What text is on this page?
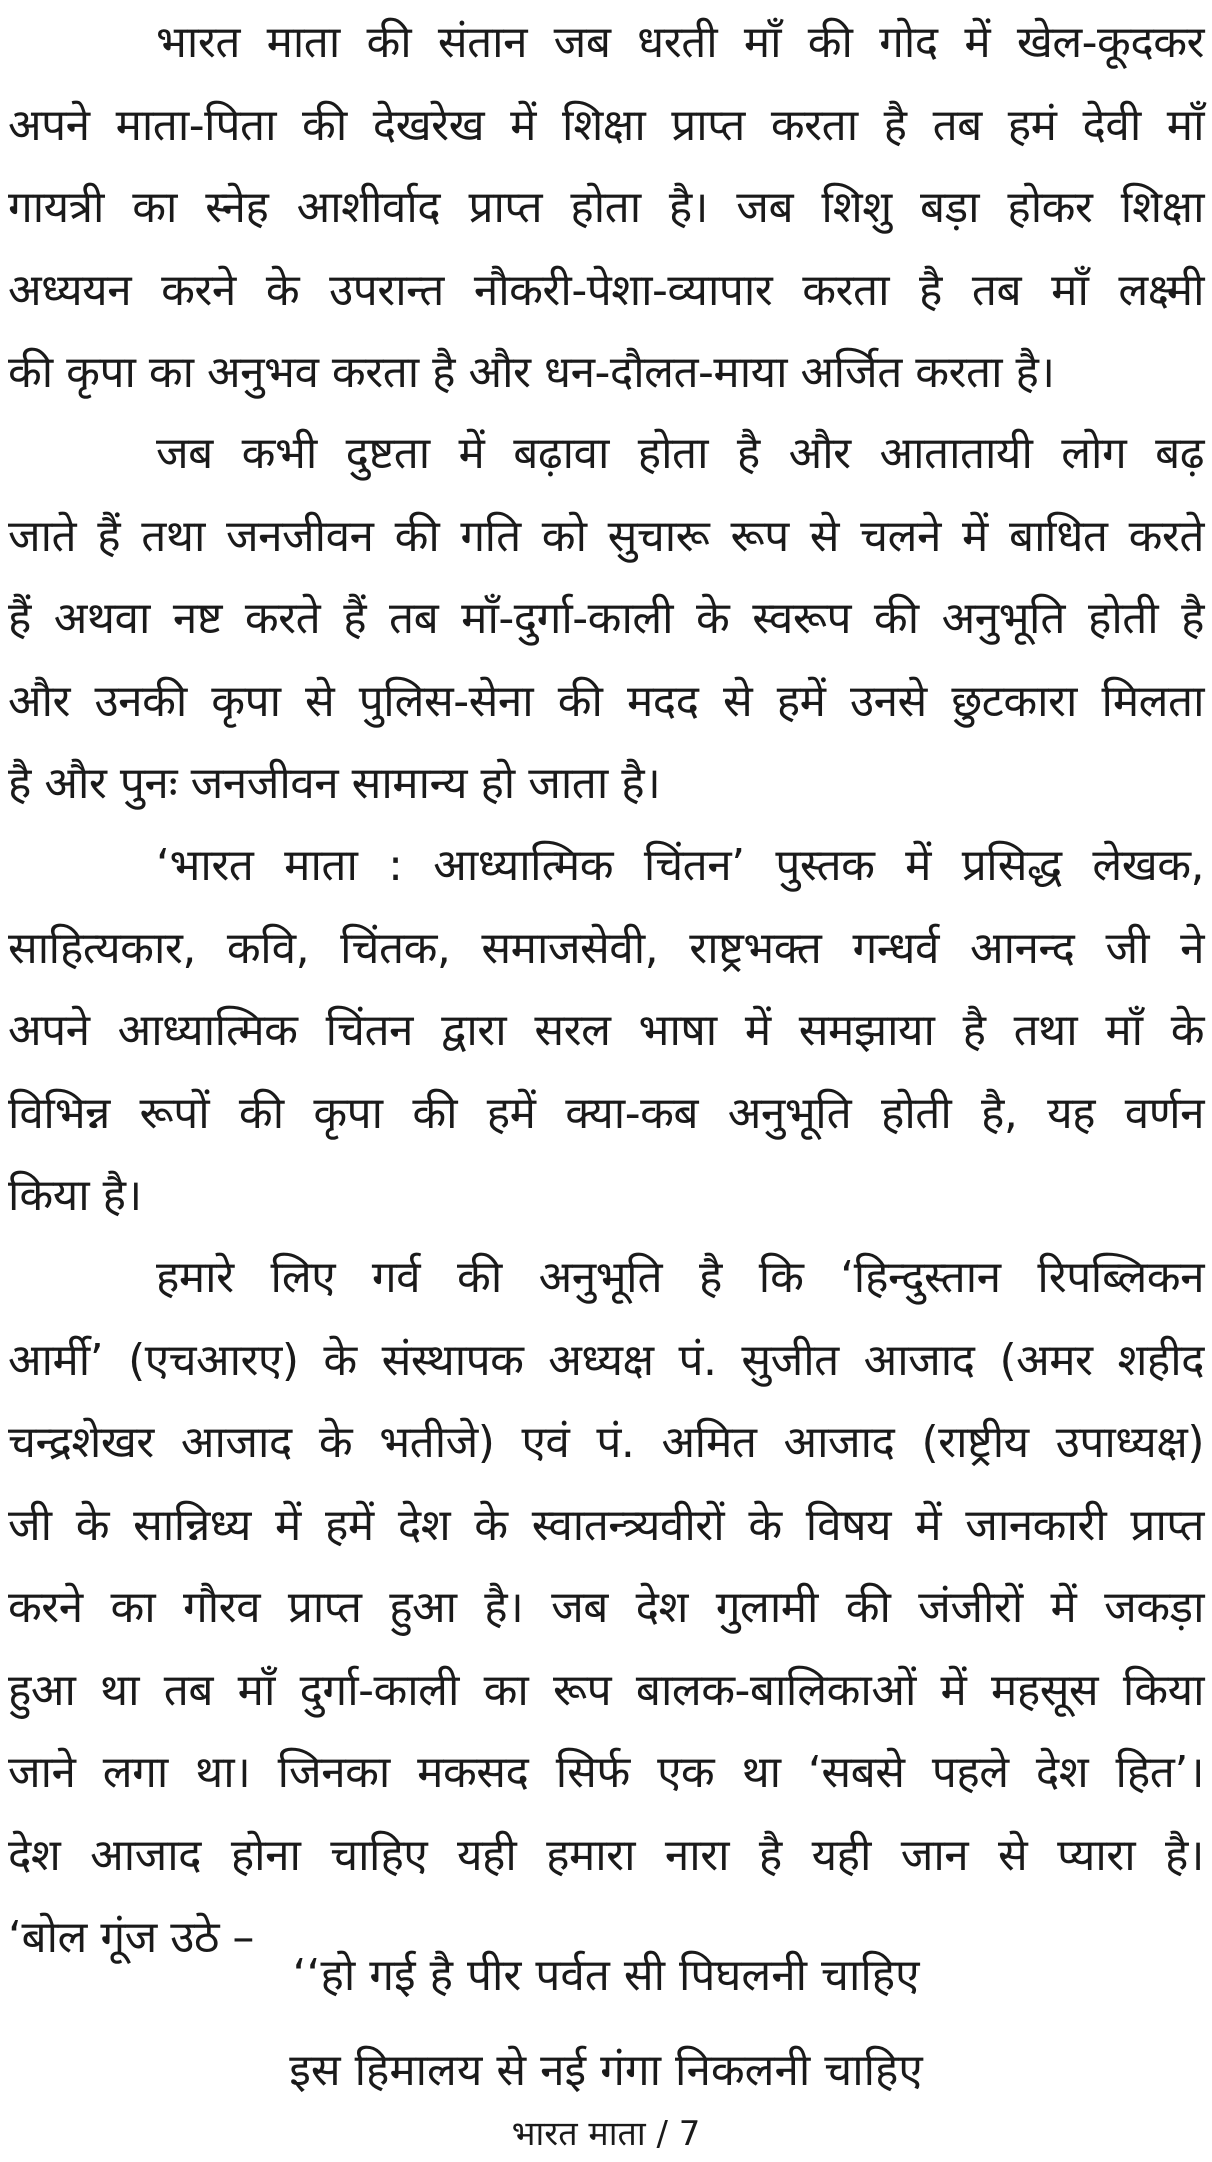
भारत माता की संतान जब धरती माँ की गोद में खेल-कूदकर
अपने माता-पिता की देखरेख में शिक्षा प्राप्त करता है तब हमं देवी माँ
गायत्री का स्नेह आशीर्वाद प्राप्त होता है। जब शिशु बड़ा होकर शिक्षा
अध्ययन करने के उपरान्त नौकरी-पेशा-व्यापार करता है तब माँ लक्ष्मी
की कृपा का अनुभव करता है और धन-दौलत-माया अर्जित करता है।
जब कभी दुष्टता में बढ़ावा होता है और आतातायी लोग बढ़
जाते हैं तथा जनजीवन की गति को सुचारू रूप से चलने में बाधित करते
हैं अथवा नष्ट करते हैं तब माँ-दुर्गा-काली के स्वरूप की अनुभूति होती है
और उनकी कृपा से पुलिस-सेना की मदद से हमें उनसे छुटकारा मिलता
है और पुनः जनजीवन सामान्य हो जाता है।
‘भारत माता : आध्यात्मिक चिंतन’ पुस्तक में प्रसिद्ध लेखक,
साहित्यकार, कवि, चिंतक, समाजसेवी, राष्ट्रभक्त गन्धर्व आनन्द जी ने
अपने आध्यात्मिक चिंतन द्वारा सरल भाषा में समझाया है तथा माँ के
विभिन्न रूपों की कृपा की हमें क्या-कब अनुभूति होती है, यह वर्णन
किया है।
हमारे लिए गर्व की अनुभूति है कि ‘हिन्दुस्तान रिपब्लिकन
आर्मी’ (एचआरए) के संस्थापक अध्यक्ष पं. सुजीत आजाद (अमर शहीद
चन्द्रशेखर आजाद के भतीजे) एवं पं. अमित आजाद (राष्ट्रीय उपाध्यक्ष)
जी के सान्निध्य में हमें देश के स्वातन्त्र्यवीरों के विषय में जानकारी प्राप्त
करने का गौरव प्राप्त हुआ है। जब देश गुलामी की जंजीरों में जकड़ा
हुआ था तब माँ दुर्गा-काली का रूप बालक-बालिकाओं में महसूस किया
जाने लगा था। जिनका मकसद सिर्फ एक था ‘सबसे पहले देश हित’।
देश आजाद होना चाहिए यही हमारा नारा है यही जान से प्यारा है।
‘बोल गूंज उठे –
‘‘हो गई है पीर पर्वत सी पिघलनी चाहिए
इस हिमालय से नई गंगा निकलनी चाहिए
भारत माता / 7
